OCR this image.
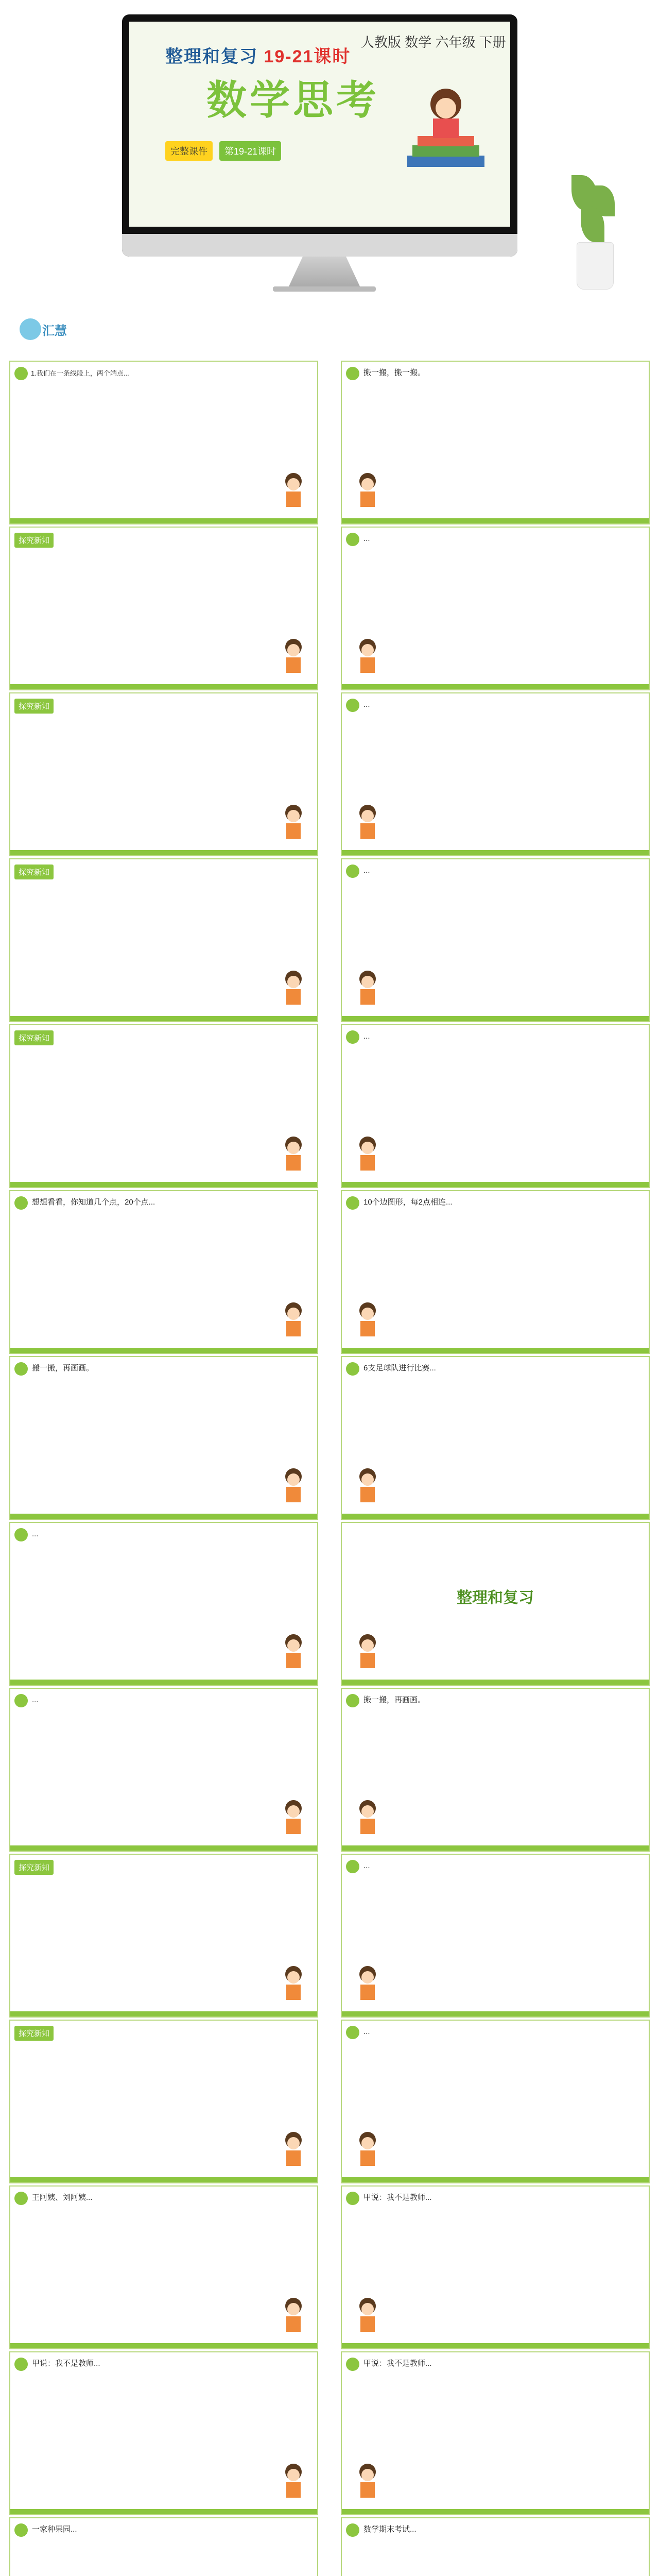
人教版 数学 六年级 下册
整理和复习 19-21课时
数学思考
完整课件	第19-21课时
汇慧
1.我们在一条线段上，两个端点...	搬一搬，搬一搬。
探究新知	...
探究新知	...
探究新知	...
探究新知	...
想想看看，你知道几个点，20个点...	10个边图形，每2点相连...
搬一搬，再画画。	6支足球队进行比赛...
...
整理和复习
...	搬一搬，再画画。
探究新知	...
探究新知	...
王阿姨、刘阿姨...	甲说：我不是教师...
甲说：我不是教师...	甲说：我不是教师...
一家种果园...	数学期末考试...
